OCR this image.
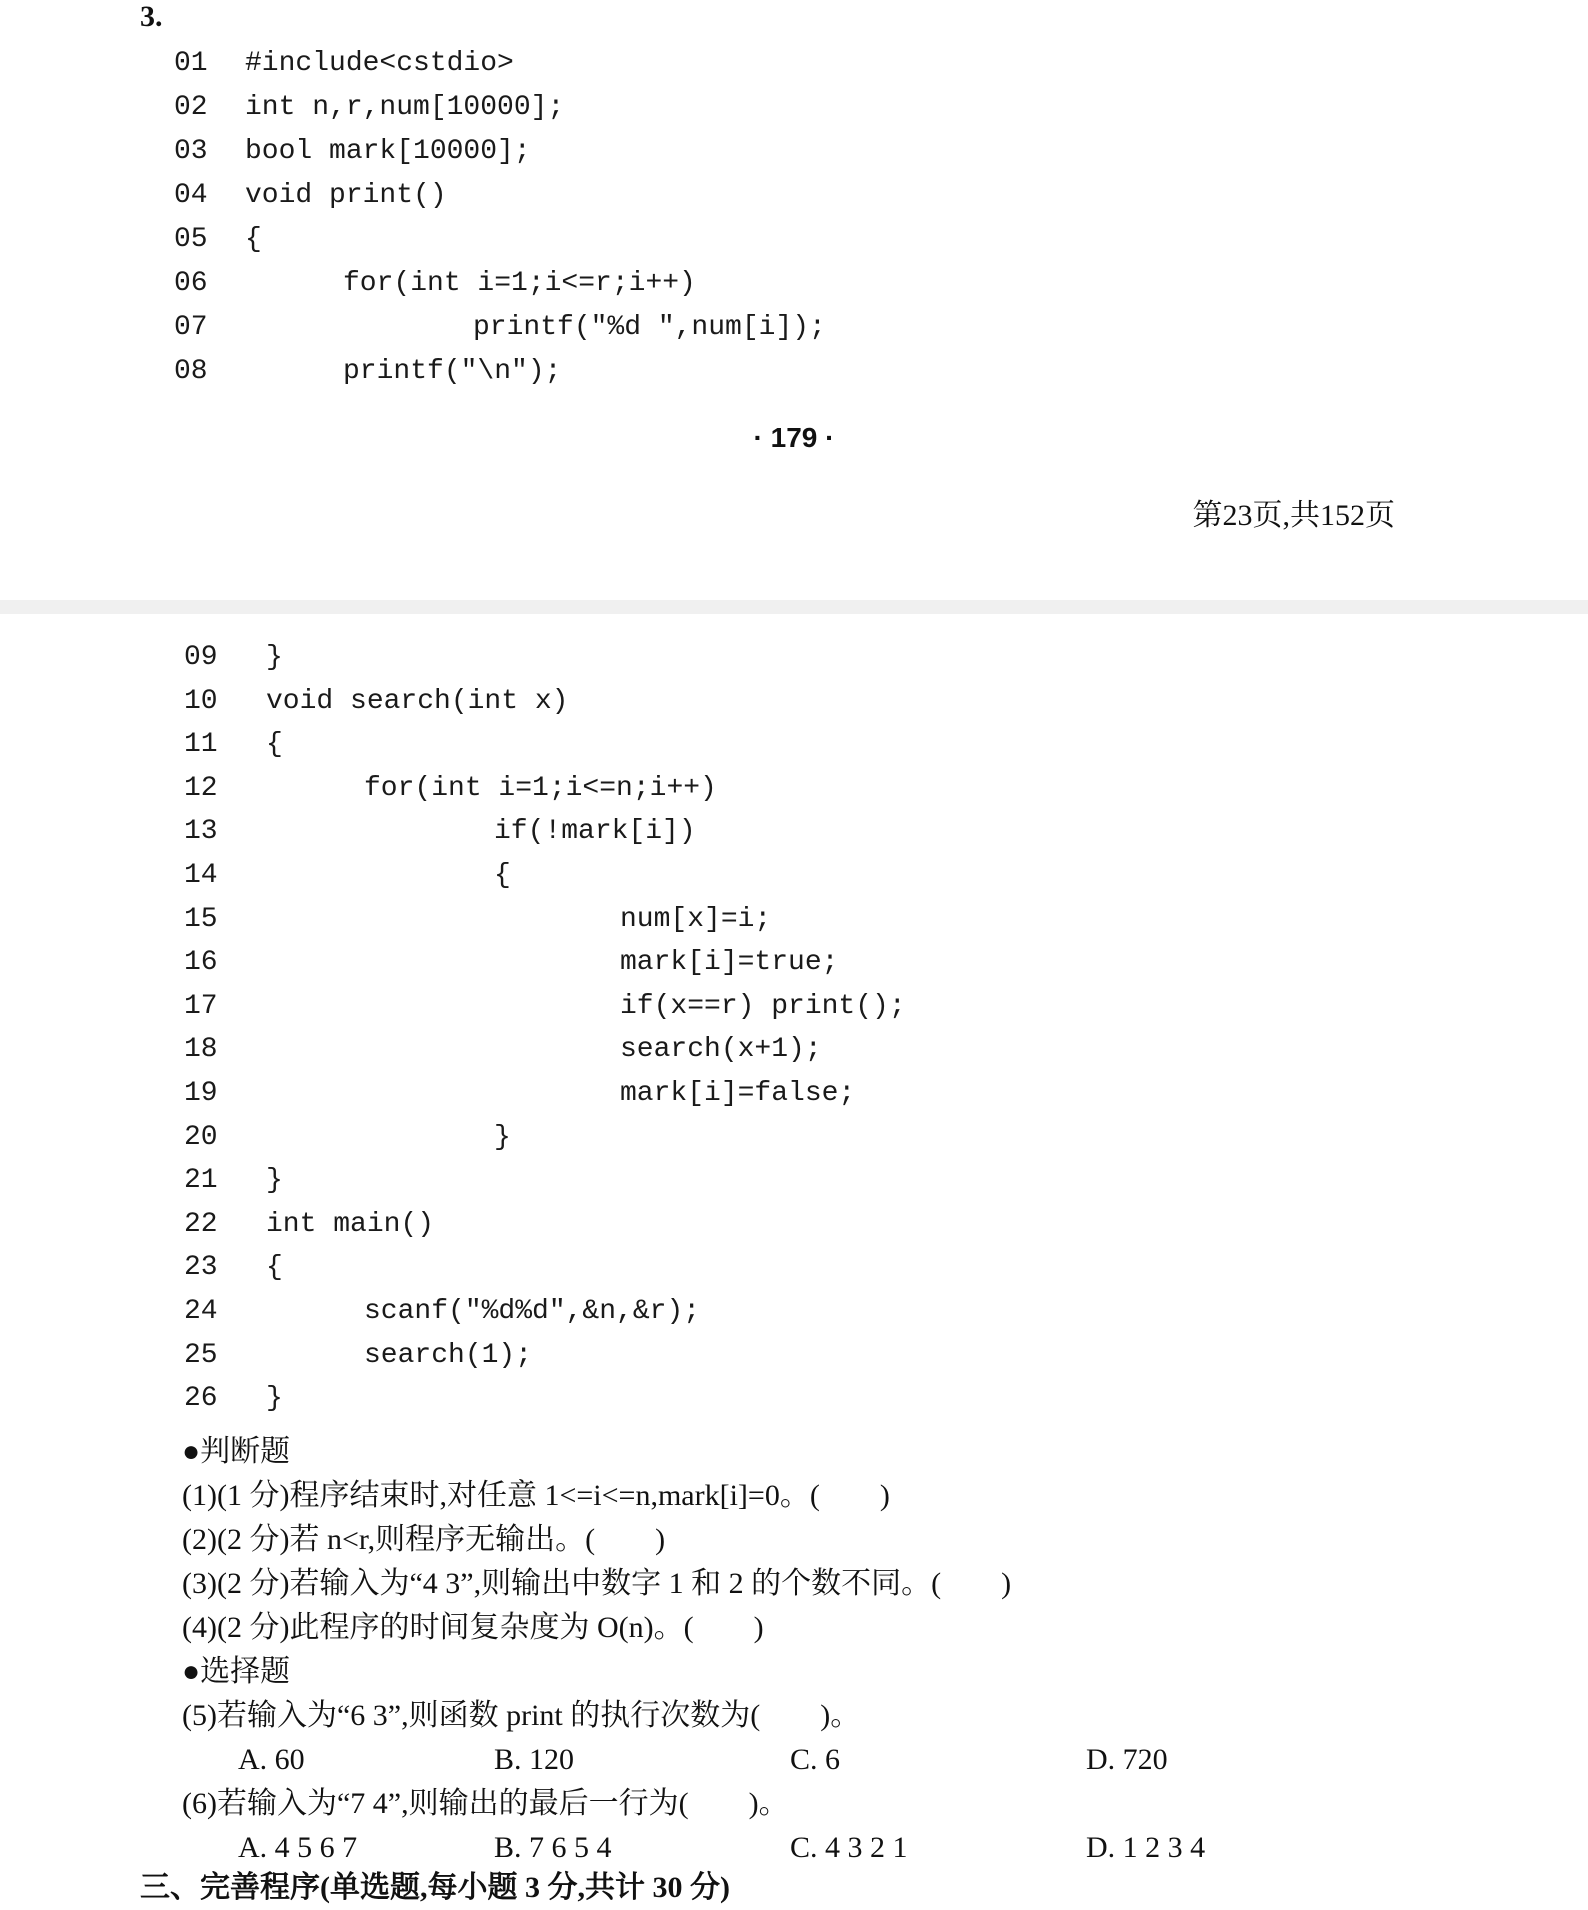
3.
01 #include<cstdio>
02 int n,r,num[10000];
03 bool mark[10000];
04 void print()
05 {
06	for(int i=1;i<=r;i++)
07	printf("%d ",num[i]);
08	printf("\n");
· 179 ·
第23页,共152页
09 }
10 void search(int x)
11 {
12	for(int i=1;i<=n;i++)
13	if(!mark[i])
14	{
15	num[x]=i;
16	mark[i]=true;
17	if(x==r) print();
18	search(x+1);
19	mark[i]=false;
20	}
21 }
22 int main()
23 {
24	scanf("%d%d",&n,&r);
25	search(1);
26 }
●判断题
(1)(1 分)程序结束时,对任意 1<=i<=n,mark[i]=0。(        )
(2)(2 分)若 n<r,则程序无输出。(        )
(3)(2 分)若输入为“4 3”,则输出中数字 1 和 2 的个数不同。(        )
(4)(2 分)此程序的时间复杂度为 O(n)。(        )
●选择题
(5)若输入为“6 3”,则函数 print 的执行次数为(        )。
A. 60	B. 120	C. 6	D. 720
(6)若输入为“7 4”,则输出的最后一行为(        )。
A. 4 5 6 7	B. 7 6 5 4	C. 4 3 2 1	D. 1 2 3 4
三、完善程序(单选题,每小题 3 分,共计 30 分)
